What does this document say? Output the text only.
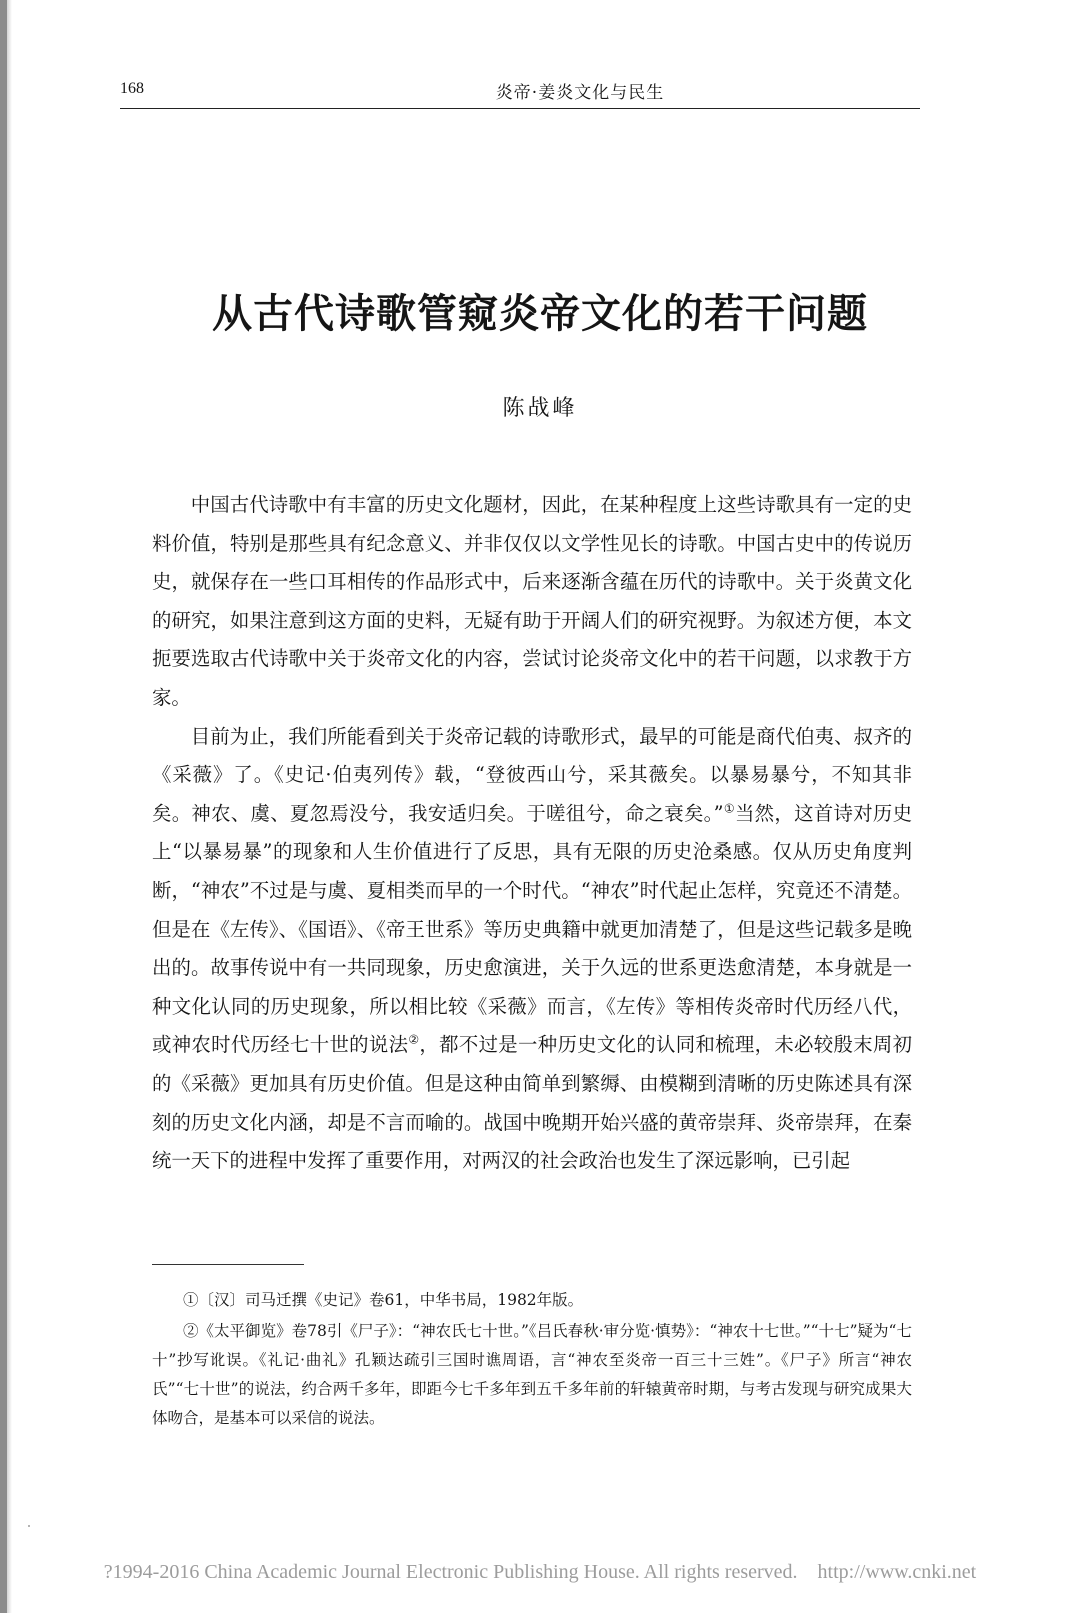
168	炎帝·姜炎文化与民生
从古代诗歌管窥炎帝文化的若干问题
陈战峰

中国古代诗歌中有丰富的历史文化题材，因此，在某种程度上这些诗歌具有一定的史料价值，特别是那些具有纪念意义、并非仅仅以文学性见长的诗歌。中国古史中的传说历史，就保存在一些口耳相传的作品形式中，后来逐渐含蕴在历代的诗歌中。关于炎黄文化的研究，如果注意到这方面的史料，无疑有助于开阔人们的研究视野。为叙述方便，本文扼要选取古代诗歌中关于炎帝文化的内容，尝试讨论炎帝文化中的若干问题，以求教于方家。

目前为止，我们所能看到关于炎帝记载的诗歌形式，最早的可能是商代伯夷、叔齐的《采薇》了。《史记·伯夷列传》载，“登彼西山兮，采其薇矣。以暴易暴兮，不知其非矣。神农、虞、夏忽焉没兮，我安适归矣。于嗟徂兮，命之衰矣。”①当然，这首诗对历史上“以暴易暴”的现象和人生价值进行了反思，具有无限的历史沧桑感。仅从历史角度判断，“神农”不过是与虞、夏相类而早的一个时代。“神农”时代起止怎样，究竟还不清楚。但是在《左传》、《国语》、《帝王世系》等历史典籍中就更加清楚了，但是这些记载多是晚出的。故事传说中有一共同现象，历史愈演进，关于久远的世系更迭愈清楚，本身就是一种文化认同的历史现象，所以相比较《采薇》而言，《左传》等相传炎帝时代历经八代，或神农时代历经七十世的说法②，都不过是一种历史文化的认同和梳理，未必较殷末周初的《采薇》更加具有历史价值。但是这种由简单到繁缛、由模糊到清晰的历史陈述具有深刻的历史文化内涵，却是不言而喻的。战国中晚期开始兴盛的黄帝崇拜、炎帝崇拜，在秦统一天下的进程中发挥了重要作用，对两汉的社会政治也发生了深远影响，已引起

①〔汉〕司马迁撰《史记》卷61，中华书局，1982年版。

②《太平御览》卷78引《尸子》：“神农氏七十世。”《吕氏春秋·审分览·慎势》：“神农十七世。”“十七”疑为“七十”抄写讹误。《礼记·曲礼》孔颖达疏引三国时谯周语，言“神农至炎帝一百三十三姓”。《尸子》所言“神农氏”“七十世”的说法，约合两千多年，即距今七千多年到五千多年前的轩辕黄帝时期，与考古发现与研究成果大体吻合，是基本可以采信的说法。

?1994-2016 China Academic Journal Electronic Publishing House. All rights reserved.    http://www.cnki.net
